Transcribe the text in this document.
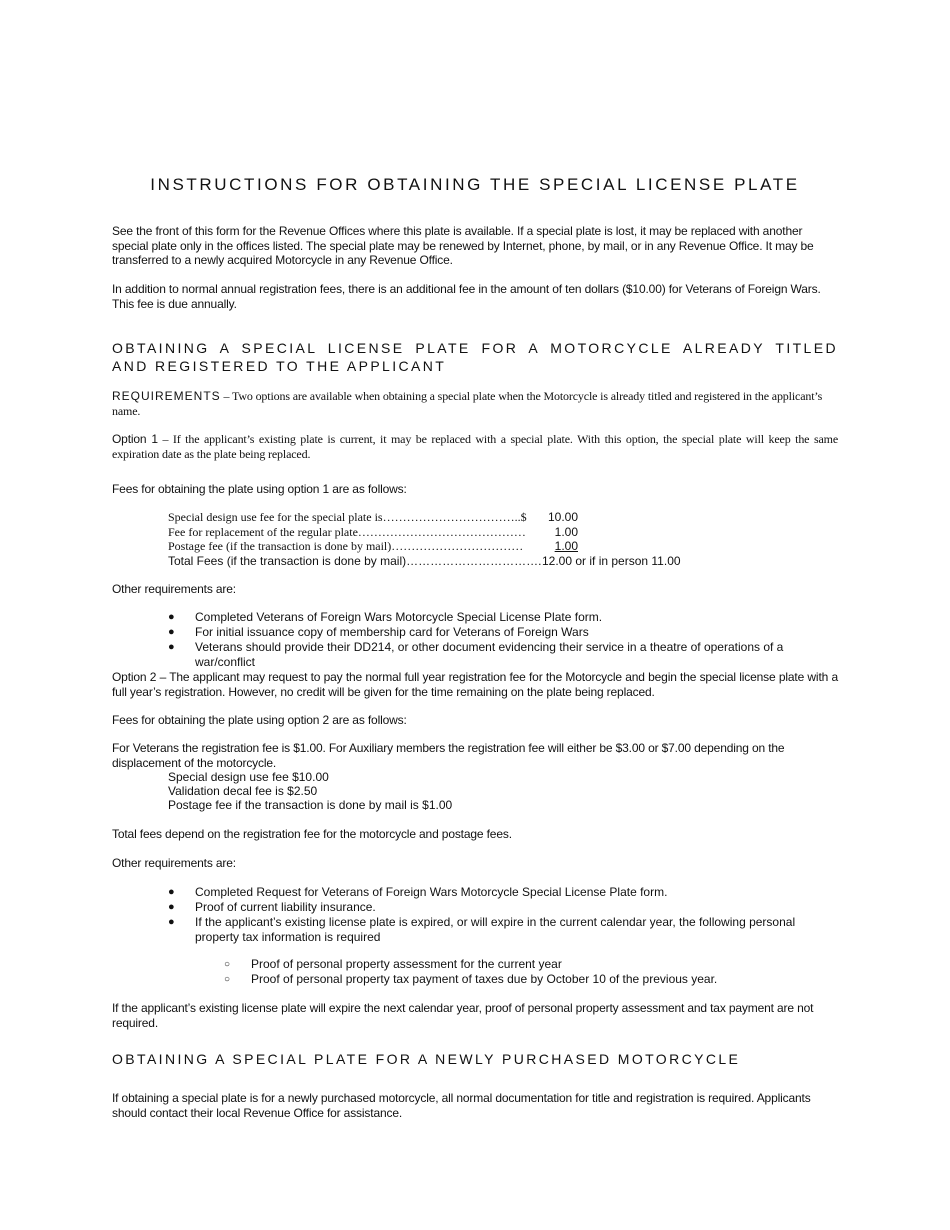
INSTRUCTIONS FOR OBTAINING THE SPECIAL LICENSE PLATE

See the front of this form for the Revenue Offices where this plate is available. If a special plate is lost, it may be replaced with another special plate only in the offices listed. The special plate may be renewed by Internet, phone, by mail, or in any Revenue Office. It may be transferred to a newly acquired Motorcycle in any Revenue Office.

In addition to normal annual registration fees, there is an additional fee in the amount of ten dollars ($10.00) for Veterans of Foreign Wars. This fee is due annually.

OBTAINING A SPECIAL LICENSE PLATE FOR A MOTORCYCLE ALREADY TITLED AND REGISTERED TO THE APPLICANT

REQUIREMENTS – Two options are available when obtaining a special plate when the Motorcycle is already titled and registered in the applicant’s name.

Option 1 – If the applicant’s existing plate is current, it may be replaced with a special plate. With this option, the special plate will keep the same expiration date as the plate being replaced.

Fees for obtaining the plate using option 1 are as follows:

Special design use fee for the special plate is……………………………..$	10.00
Fee for replacement of the regular plate……………………………………	1.00
Postage fee (if the transaction is done by mail)……………………………	1.00
Total Fees (if the transaction is done by mail)……………………………. 12.00 or if in person 11.00

Other requirements are:

● Completed Veterans of Foreign Wars Motorcycle Special License Plate form.
● For initial issuance copy of membership card for Veterans of Foreign Wars
● Veterans should provide their DD214, or other document evidencing their service in a theatre of operations of a war/conflict

Option 2 – The applicant may request to pay the normal full year registration fee for the Motorcycle and begin the special license plate with a full year’s registration. However, no credit will be given for the time remaining on the plate being replaced.

Fees for obtaining the plate using option 2 are as follows:

For Veterans the registration fee is $1.00. For Auxiliary members the registration fee will either be $3.00 or $7.00 depending on the displacement of the motorcycle.

Special design use fee $10.00
Validation decal fee is $2.50
Postage fee if the transaction is done by mail is $1.00

Total fees depend on the registration fee for the motorcycle and postage fees.

Other requirements are:

● Completed Request for Veterans of Foreign Wars Motorcycle Special License Plate form.
● Proof of current liability insurance.
● If the applicant’s existing license plate is expired, or will expire in the current calendar year, the following personal property tax information is required
○ Proof of personal property assessment for the current year
○ Proof of personal property tax payment of taxes due by October 10 of the previous year.

If the applicant’s existing license plate will expire the next calendar year, proof of personal property assessment and tax payment are not required.

OBTAINING A SPECIAL PLATE FOR A NEWLY PURCHASED MOTORCYCLE

If obtaining a special plate is for a newly purchased motorcycle, all normal documentation for title and registration is required. Applicants should contact their local Revenue Office for assistance.
